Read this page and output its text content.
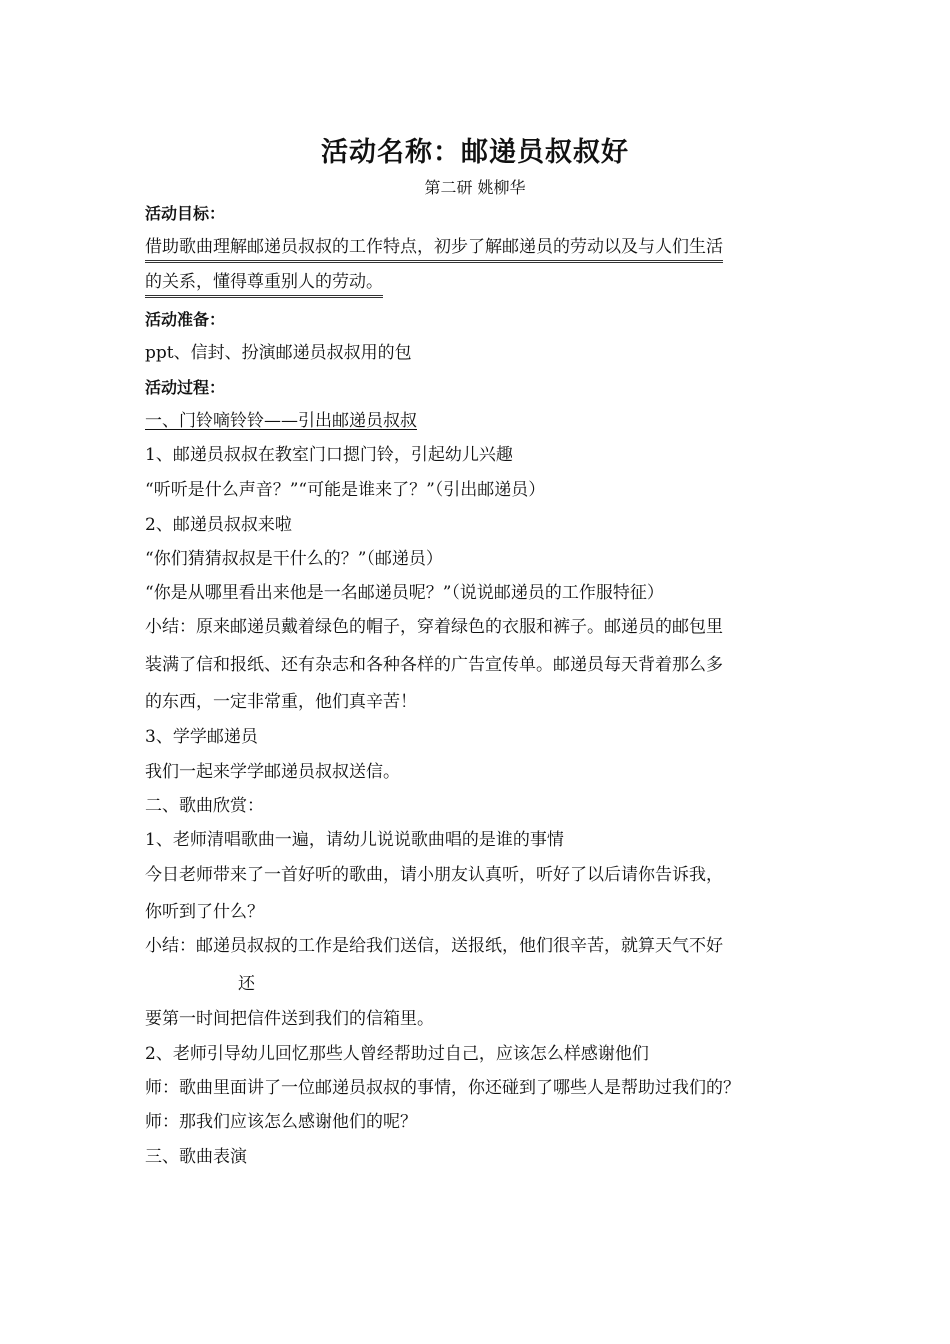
活动名称：邮递员叔叔好
第二研 姚柳华
活动目标：
借助歌曲理解邮递员叔叔的工作特点，初步了解邮递员的劳动以及与人们生活
的关系，懂得尊重别人的劳动。
活动准备：
ppt、信封、扮演邮递员叔叔用的包
活动过程：
一、门铃嘀铃铃——引出邮递员叔叔
1、邮递员叔叔在教室门口摁门铃，引起幼儿兴趣
“听听是什么声音？”“可能是谁来了？”（引出邮递员）
2、邮递员叔叔来啦
“你们猜猜叔叔是干什么的？”（邮递员）
“你是从哪里看出来他是一名邮递员呢？”（说说邮递员的工作服特征）
小结：原来邮递员戴着绿色的帽子，穿着绿色的衣服和裤子。邮递员的邮包里
装满了信和报纸、还有杂志和各种各样的广告宣传单。邮递员每天背着那么多
的东西，一定非常重，他们真辛苦！
3、学学邮递员
我们一起来学学邮递员叔叔送信。
二、歌曲欣赏：
1、老师清唱歌曲一遍，请幼儿说说歌曲唱的是谁的事情
今日老师带来了一首好听的歌曲，请小朋友认真听，听好了以后请你告诉我，
你听到了什么？
小结：邮递员叔叔的工作是给我们送信，送报纸，他们很辛苦，就算天气不好
还
要第一时间把信件送到我们的信箱里。
2、老师引导幼儿回忆那些人曾经帮助过自己，应该怎么样感谢他们
师：歌曲里面讲了一位邮递员叔叔的事情，你还碰到了哪些人是帮助过我们的？
师：那我们应该怎么感谢他们的呢？
三、歌曲表演
